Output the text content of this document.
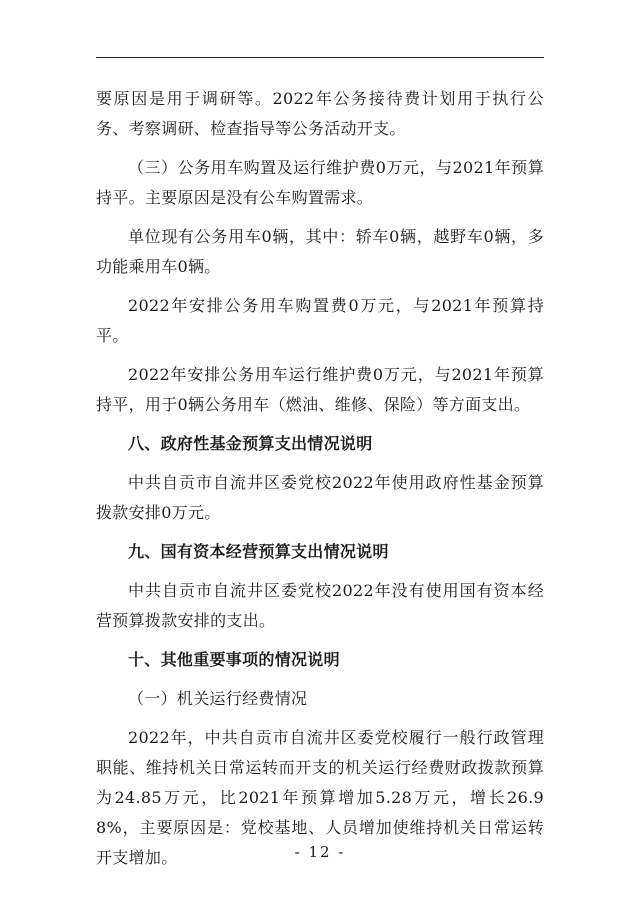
要原因是用于调研等。2022年公务接待费计划用于执行公务、考察调研、检查指导等公务活动开支。

（三）公务用车购置及运行维护费0万元，与2021年预算持平。主要原因是没有公车购置需求。

单位现有公务用车0辆，其中：轿车0辆，越野车0辆，多功能乘用车0辆。

2022年安排公务用车购置费0万元，与2021年预算持平。

2022年安排公务用车运行维护费0万元，与2021年预算持平，用于0辆公务用车（燃油、维修、保险）等方面支出。

八、政府性基金预算支出情况说明

中共自贡市自流井区委党校2022年使用政府性基金预算拨款安排0万元。

九、国有资本经营预算支出情况说明

中共自贡市自流井区委党校2022年没有使用国有资本经营预算拨款安排的支出。

十、其他重要事项的情况说明

（一）机关运行经费情况

2022年，中共自贡市自流井区委党校履行一般行政管理职能、维持机关日常运转而开支的机关运行经费财政拨款预算为24.85万元，比2021年预算增加5.28万元，增长26.98%，主要原因是：党校基地、人员增加使维持机关日常运转开支增加。	- 12 -
